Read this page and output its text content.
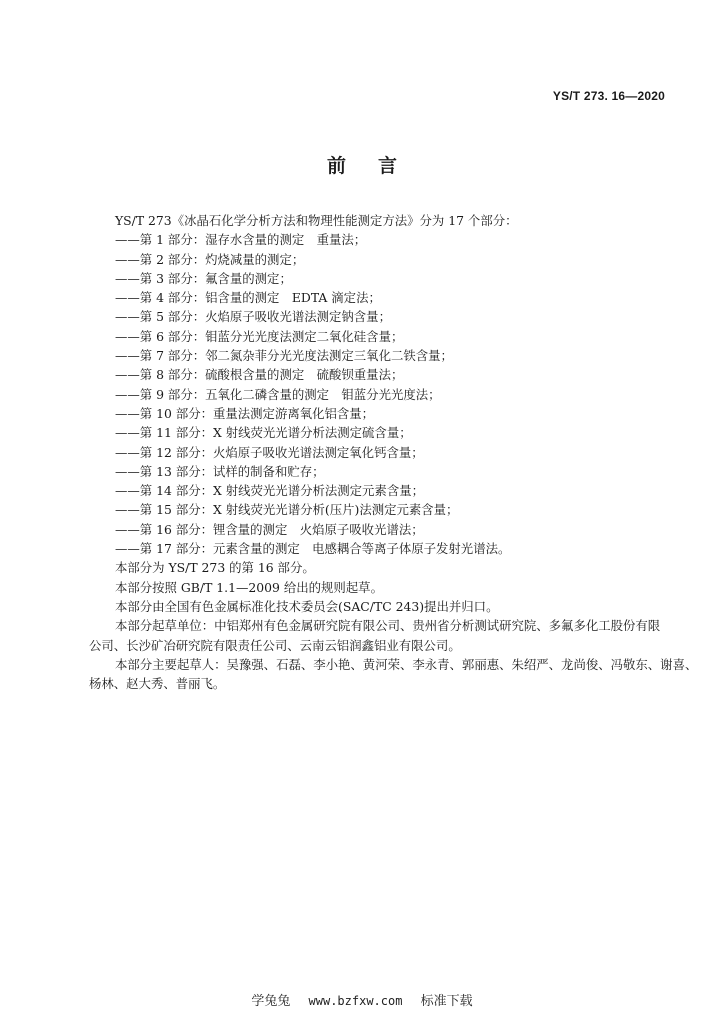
YS/T 273. 16—2020
前言
YS/T 273《冰晶石化学分析方法和物理性能测定方法》分为 17 个部分：
——第 1 部分：湿存水含量的测定　重量法；
——第 2 部分：灼烧减量的测定；
——第 3 部分：氟含量的测定；
——第 4 部分：铝含量的测定　EDTA 滴定法；
——第 5 部分：火焰原子吸收光谱法测定钠含量；
——第 6 部分：钼蓝分光光度法测定二氧化硅含量；
——第 7 部分：邻二氮杂菲分光光度法测定三氧化二铁含量；
——第 8 部分：硫酸根含量的测定　硫酸钡重量法；
——第 9 部分：五氧化二磷含量的测定　钼蓝分光光度法；
——第 10 部分：重量法测定游离氧化铝含量；
——第 11 部分：X 射线荧光光谱分析法测定硫含量；
——第 12 部分：火焰原子吸收光谱法测定氧化钙含量；
——第 13 部分：试样的制备和贮存；
——第 14 部分：X 射线荧光光谱分析法测定元素含量；
——第 15 部分：X 射线荧光光谱分析(压片)法测定元素含量；
——第 16 部分：锂含量的测定　火焰原子吸收光谱法；
——第 17 部分：元素含量的测定　电感耦合等离子体原子发射光谱法。
本部分为 YS/T 273 的第 16 部分。
本部分按照 GB/T 1.1—2009 给出的规则起草。
本部分由全国有色金属标准化技术委员会(SAC/TC 243)提出并归口。
本部分起草单位：中铝郑州有色金属研究院有限公司、贵州省分析测试研究院、多氟多化工股份有限
公司、长沙矿冶研究院有限责任公司、云南云铝润鑫铝业有限公司。
本部分主要起草人：吴豫强、石磊、李小艳、黄河荣、李永青、郭丽惠、朱绍严、龙尚俊、冯敬东、谢喜、
杨林、赵大秀、普丽飞。
学兔兔 www.bzfxw.com 标准下载
